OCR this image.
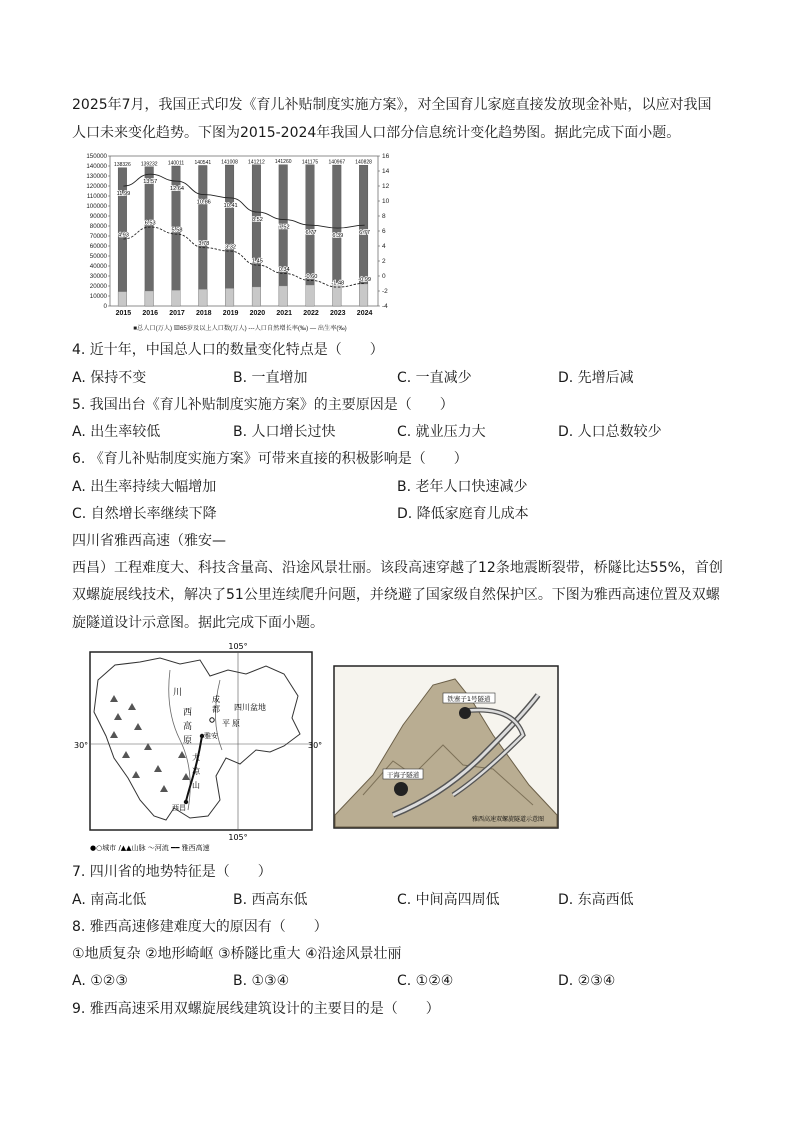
2025年7月，我国正式印发《育儿补贴制度实施方案》，对全国育儿家庭直接发放现金补贴，以应对我国
人口未来变化趋势。下图为2015-2024年我国人口部分信息统计变化趋势图。据此完成下面小题。
0
10000
20000
30000
40000
50000
60000
70000
80000
90000
100000
110000
120000
130000
140000
150000
-4
-2
0
2
4
6
8
10
12
14
16
138326 139232 140011 140541 141008 141212 141260 141175 140967 140828
11.99
13.57
12.64
10.86
10.41
8.52
7.52
6.77	6.39	6.77
4.93
6.53
5.58
3.78
3.32
1.45
0.34
-0.60
-1.48
-0.99
2015 2016 2017 2018 2019 2020 2021 2022 2023 2024
■总人口(万人) ▧65岁及以上人口数(万人) ---人口自然增长率(‰) — 出生率(‰)
4. 近十年，中国总人口的数量变化特点是（　　）
A. 保持不变	B. 一直增加	C. 一直减少	D. 先增后减
5. 我国出台《育儿补贴制度实施方案》的主要原因是（　　）
A. 出生率较低	B. 人口增长过快	C. 就业压力大	D. 人口总数较少
6. 《育儿补贴制度实施方案》可带来直接的积极影响是（　　）
A. 出生率持续大幅增加	B. 老年人口快速减少
C. 自然增长率继续下降	D. 降低家庭育儿成本
四川省雅西高速（雅安—
西昌）工程难度大、科技含量高、沿途风景壮丽。该段高速穿越了12条地震断裂带，桥隧比达55%，首创
双螺旋展线技术，解决了51公里连续爬升问题，并绕避了国家级自然保护区。下图为雅西高速位置及双螺
旋隧道设计示意图。据此完成下面小题。
105°
105°
30°	30°
川
西
高
原
成
都
平 原
四川盆地
雅安
大
凉
山
西昌
●○城市 /▲▲山脉 ～河流 ━━ 雅西高速
铁寨子1号隧道
干海子隧道
雅西高速双螺旋隧道示意图
7. 四川省的地势特征是（　　）
A. 南高北低	B. 西高东低	C. 中间高四周低	D. 东高西低
8. 雅西高速修建难度大的原因有（　　）
①地质复杂 ②地形崎岖 ③桥隧比重大 ④沿途风景壮丽
A. ①②③	B. ①③④	C. ①②④	D. ②③④
9. 雅西高速采用双螺旋展线建筑设计的主要目的是（　　）
